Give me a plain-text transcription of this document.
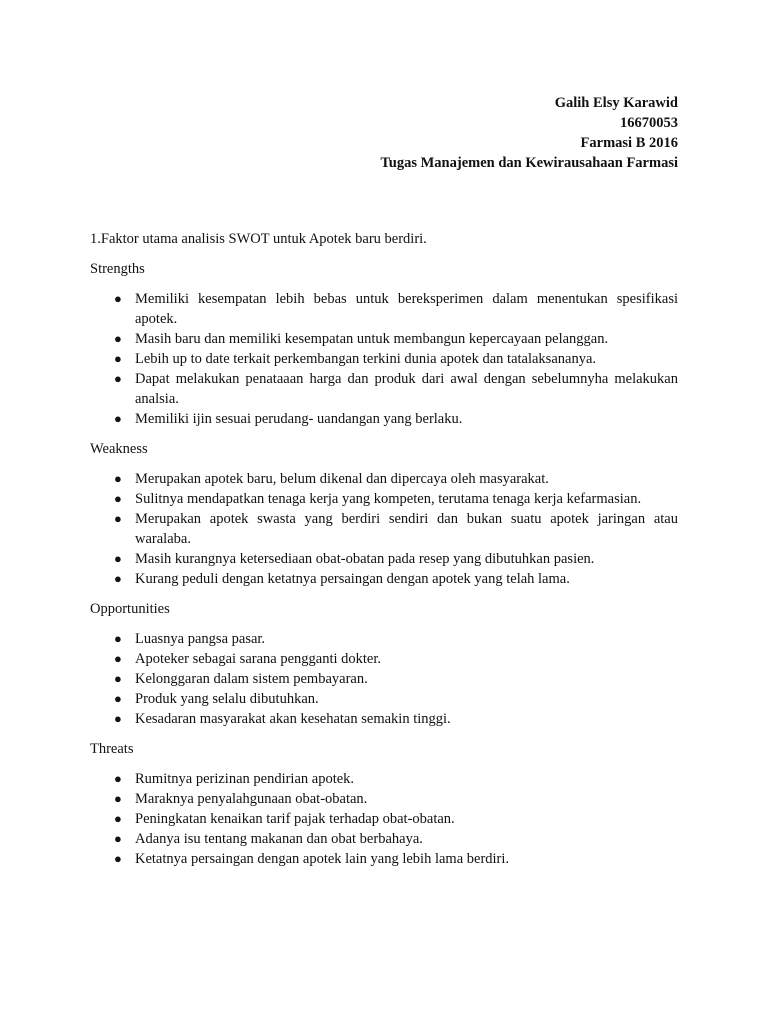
Galih Elsy Karawid
16670053
Farmasi B 2016
Tugas Manajemen dan Kewirausahaan Farmasi

1.Faktor utama analisis SWOT untuk Apotek baru berdiri.

Strengths

● Memiliki kesempatan lebih bebas untuk bereksperimen dalam menentukan spesifikasi apotek.
● Masih baru dan memiliki kesempatan untuk membangun kepercayaan pelanggan.
● Lebih up to date terkait perkembangan terkini dunia apotek dan tatalaksananya.
● Dapat melakukan penataaan harga dan produk dari awal dengan sebelumnyha melakukan analsia.
● Memiliki ijin sesuai perudang- uandangan yang berlaku.

Weakness

● Merupakan apotek baru, belum dikenal dan dipercaya oleh masyarakat.
● Sulitnya mendapatkan tenaga kerja yang kompeten, terutama tenaga kerja kefarmasian.
● Merupakan apotek swasta yang berdiri sendiri dan bukan suatu apotek jaringan atau waralaba.
● Masih kurangnya ketersediaan obat-obatan pada resep yang dibutuhkan pasien.
● Kurang peduli dengan ketatnya persaingan dengan apotek yang telah lama.

Opportunities

● Luasnya pangsa pasar.
● Apoteker sebagai sarana pengganti dokter.
● Kelonggaran dalam sistem pembayaran.
● Produk yang selalu dibutuhkan.
● Kesadaran masyarakat akan kesehatan semakin tinggi.

Threats

● Rumitnya perizinan pendirian apotek.
● Maraknya penyalahgunaan obat-obatan.
● Peningkatan kenaikan tarif pajak terhadap obat-obatan.
● Adanya isu tentang makanan dan obat berbahaya.
● Ketatnya persaingan dengan apotek lain yang lebih lama berdiri.
